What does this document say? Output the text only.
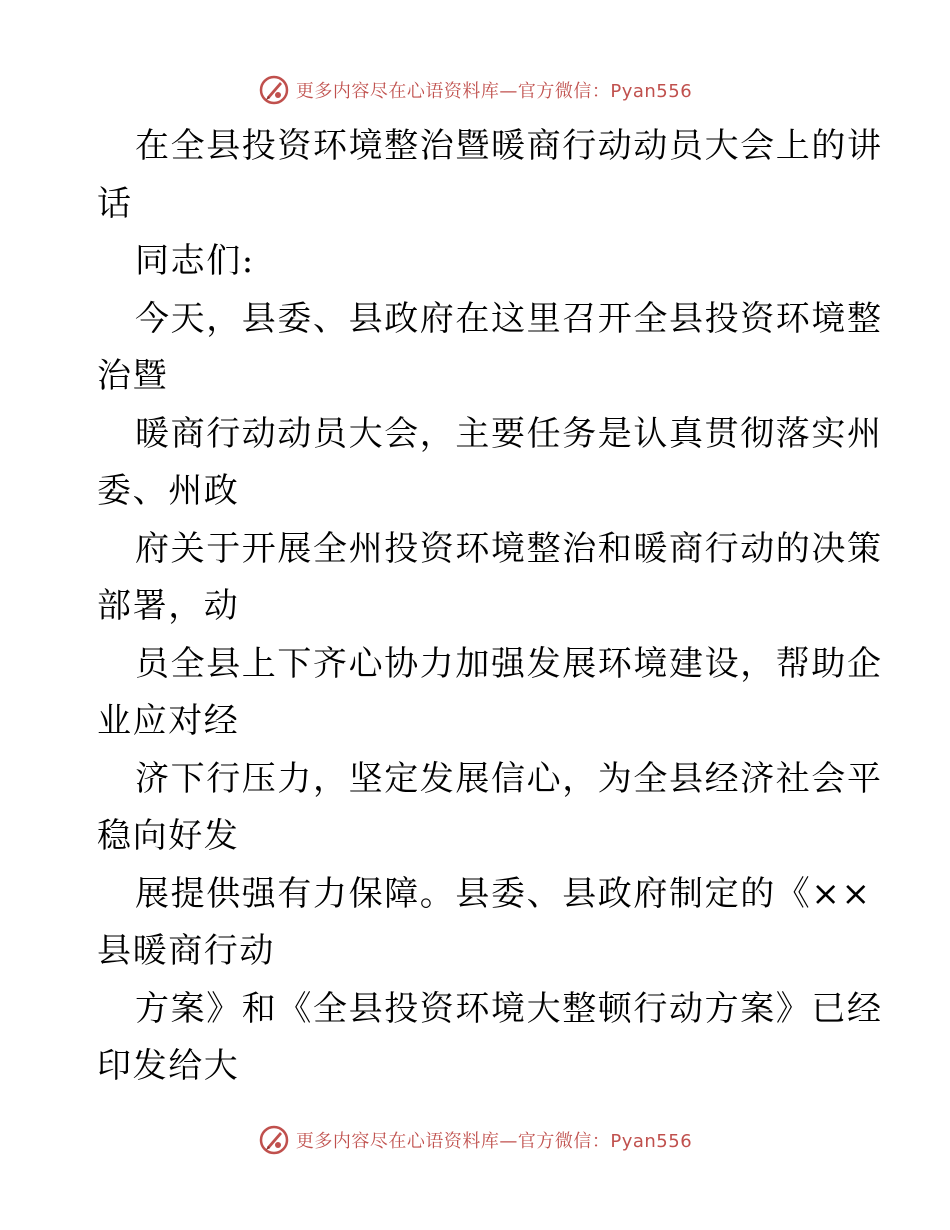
更多内容尽在心语资料库—官方微信：Pyan556
在全县投资环境整治暨暖商行动动员大会上的讲
话
同志们:
今天，县委、县政府在这里召开全县投资环境整
治暨
暖商行动动员大会，主要任务是认真贯彻落实州
委、州政
府关于开展全州投资环境整治和暖商行动的决策
部署，动
员全县上下齐心协力加强发展环境建设，帮助企
业应对经
济下行压力，坚定发展信心，为全县经济社会平
稳向好发
展提供强有力保障。县委、县政府制定的《××
县暖商行动
方案》和《全县投资环境大整顿行动方案》已经
印发给大
更多内容尽在心语资料库—官方微信：Pyan556
